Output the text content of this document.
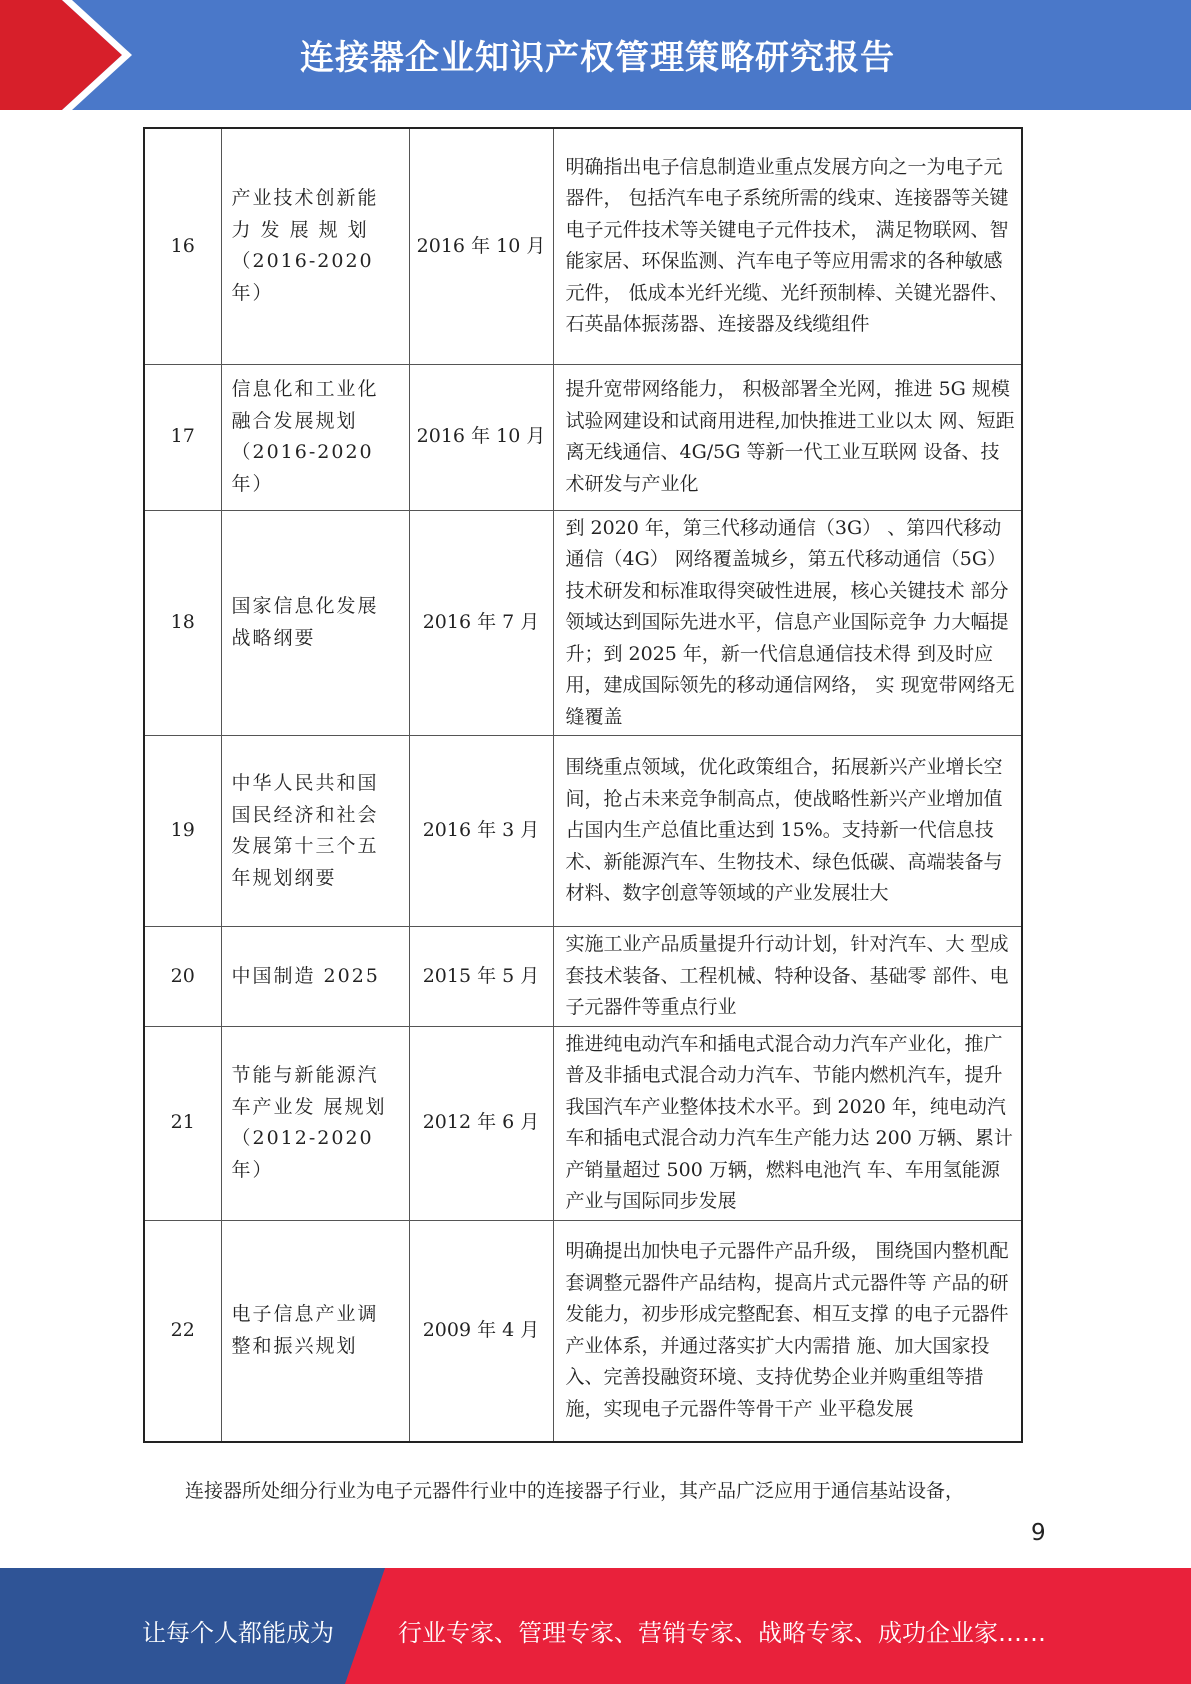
连接器企业知识产权管理策略研究报告
16	产业技术创新能 力 发 展 规 划 （2016-2020 年）	2016 年 10 月	明确指出电子信息制造业重点发展方向之一为电子元器件， 包括汽车电子系统所需的线束、连接器等关键电子元件技术等关键电子元件技术， 满足物联网、智能家居、环保监测、汽车电子等应用需求的各种敏感元件， 低成本光纤光缆、光纤预制棒、关键光器件、石英晶体振荡器、连接器及线缆组件
17	信息化和工业化 融合发展规划 （2016-2020 年）	2016 年 10 月	提升宽带网络能力， 积极部署全光网，推进 5G 规模试验网建设和试商用进程,加快推进工业以太 网、短距离无线通信、4G/5G 等新一代工业互联网 设备、技术研发与产业化
18	国家信息化发展 战略纲要	2016 年 7 月	到 2020 年，第三代移动通信（3G） 、第四代移动 通信（4G） 网络覆盖城乡，第五代移动通信（5G） 技术研发和标准取得突破性进展，核心关键技术 部分领域达到国际先进水平，信息产业国际竞争 力大幅提升；到 2025 年，新一代信息通信技术得 到及时应用，建成国际领先的移动通信网络， 实 现宽带网络无缝覆盖
19	中华人民共和国 国民经济和社会 发展第十三个五 年规划纲要	2016 年 3 月	围绕重点领域，优化政策组合，拓展新兴产业增长空间，抢占未来竞争制高点，使战略性新兴产业增加值占国内生产总值比重达到 15%。支持新一代信息技术、新能源汽车、生物技术、绿色低碳、高端装备与材料、数字创意等领域的产业发展壮大
20	中国制造 2025	2015 年 5 月	实施工业产品质量提升行动计划，针对汽车、大 型成套技术装备、工程机械、特种设备、基础零 部件、电子元器件等重点行业
21	节能与新能源汽 车产业发 展规划 （2012-2020 年）	2012 年 6 月	推进纯电动汽车和插电式混合动力汽车产业化，推广普及非插电式混合动力汽车、节能内燃机汽车，提升我国汽车产业整体技术水平。到 2020 年，纯电动汽车和插电式混合动力汽车生产能力达 200 万辆、累计产销量超过 500 万辆，燃料电池汽 车、车用氢能源产业与国际同步发展
22	电子信息产业调 整和振兴规划	2009 年 4 月	明确提出加快电子元器件产品升级， 围绕国内整机配套调整元器件产品结构，提高片式元器件等 产品的研发能力，初步形成完整配套、相互支撑 的电子元器件产业体系，并通过落实扩大内需措 施、加大国家投入、完善投融资环境、支持优势企业并购重组等措施，实现电子元器件等骨干产 业平稳发展
连接器所处细分行业为电子元器件行业中的连接器子行业，其产品广泛应用于通信基站设备，
9
让每个人都能成为	行业专家、管理专家、营销专家、战略专家、成功企业家……
